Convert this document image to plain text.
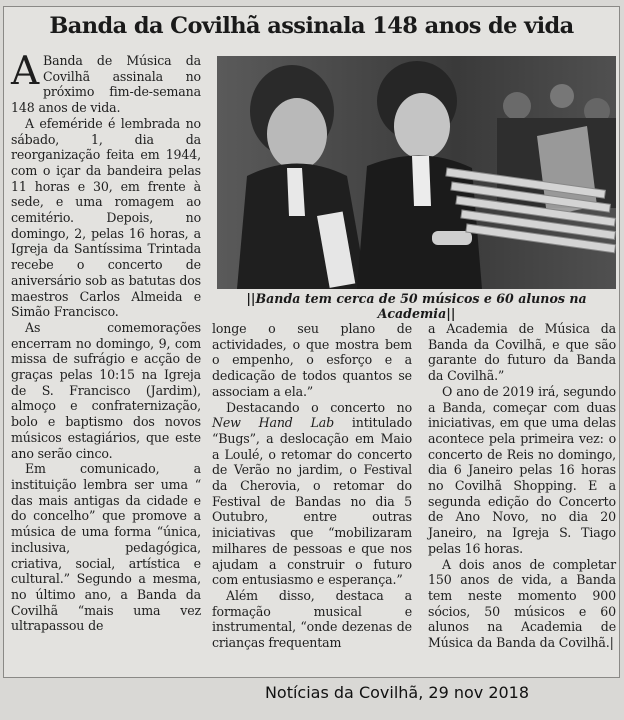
Banda da Covilhã assinala 148 anos de vida

A Banda de Música da Covilhã assinala no próximo fim-de-semana 148 anos de vida.

A efeméride é lembrada no sábado, 1, dia da reorganização feita em 1944, com o içar da bandeira pelas 11 horas e 30, em frente à sede, e uma romagem ao cemitério. Depois, no domingo, 2, pelas 16 horas, a Igreja da Santíssima Trintada recebe o concerto de aniversário sob as batutas dos maestros Carlos Almeida e Simão Francisco.

As comemorações encerram no domingo, 9, com missa de sufrágio e acção de graças pelas 10:15 na Igreja de S. Francisco (Jardim), almoço e confraternização, bolo e baptismo dos novos músicos estagiários, que este ano serão cinco.

Em comunicado, a instituição lembra ser uma “ das mais antigas da cidade e do concelho” que promove a música de uma forma “única, inclusiva, pedagógica, criativa, social, artística e cultural.” Segundo a mesma, no último ano, a Banda da Covilhã “mais uma vez ultrapassou de

||Banda tem cerca de 50 músicos e 60 alunos na Academia||

longe o seu plano de actividades, o que mostra bem o empenho, o esforço e a dedicação de todos quantos se associam a ela.”

Destacando o concerto no New Hand Lab intitulado “Bugs”, a deslocação em Maio a Loulé, o retomar do concerto de Verão no jardim, o Festival da Cherovia, o retomar do Festival de Bandas no dia 5 Outubro, entre outras iniciativas que “mobilizaram milhares de pessoas e que nos ajudam a construir o futuro com entusiasmo e esperança.”

Além disso, destaca a formação musical e instrumental, “onde dezenas de crianças frequentam

a Academia de Música da Banda da Covilhã, e que são garante do futuro da Banda da Covilhã.”

O ano de 2019 irá, segundo a Banda, começar com duas iniciativas, em que uma delas acontece pela primeira vez: o concerto de Reis no domingo, dia 6 Janeiro pelas 16 horas no Covilhã Shopping. E a segunda edição do Concerto de Ano Novo, no dia 20 Janeiro, na Igreja S. Tiago pelas 16 horas.

A dois anos de completar 150 anos de vida, a Banda tem neste momento 900 sócios, 50 músicos e 60 alunos na Academia de Música da Banda da Covilhã.|

Notícias da Covilhã, 29 nov 2018
